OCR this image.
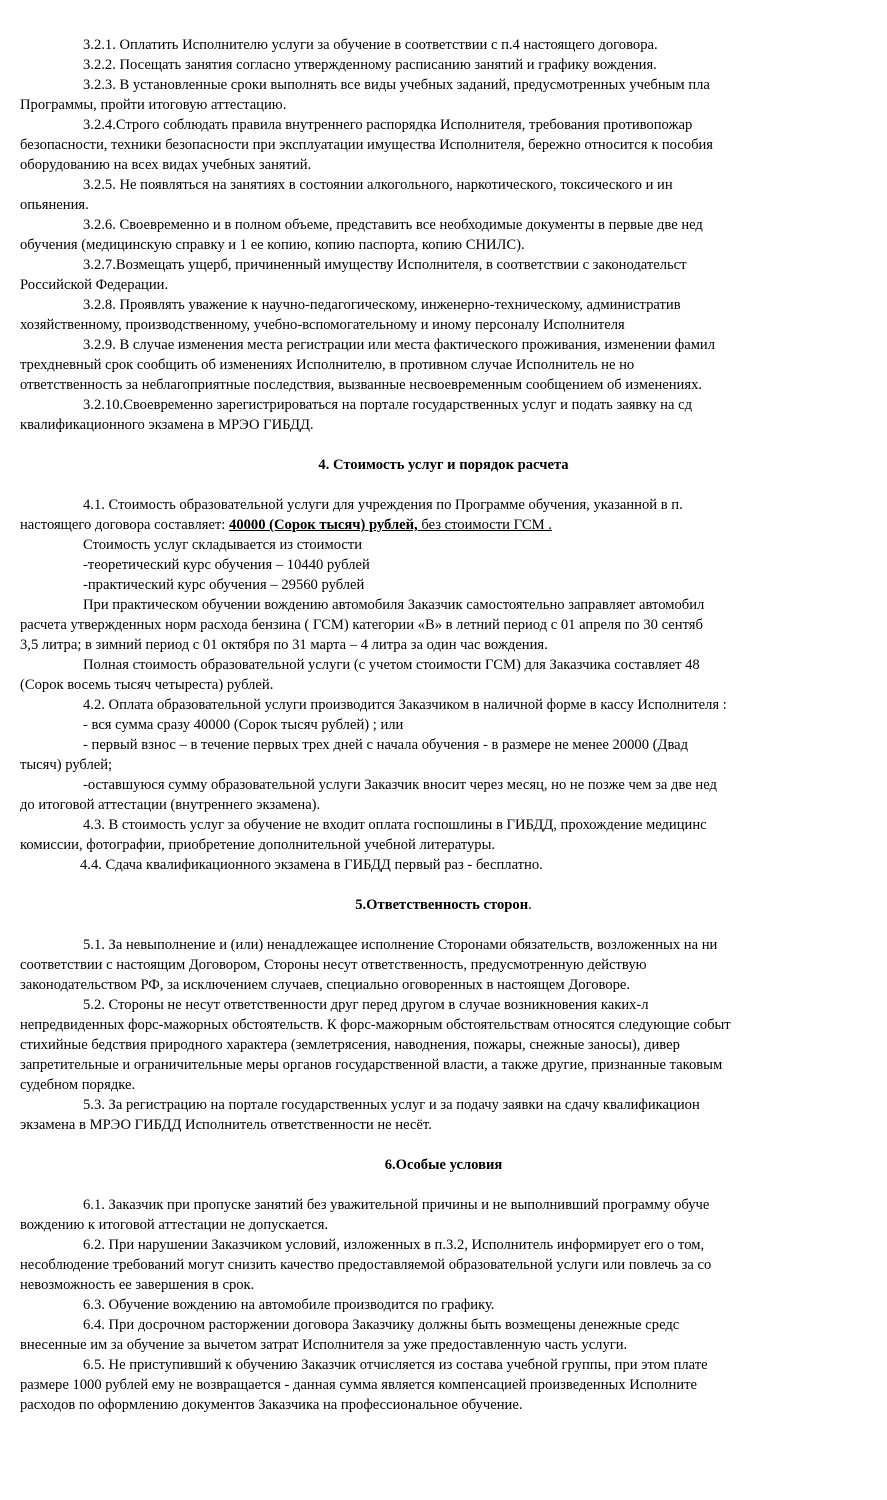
3.2.1. Оплатить Исполнителю услуги за обучение в соответствии с п.4 настоящего договора.

3.2.2. Посещать занятия согласно утвержденному расписанию занятий и графику вождения.

3.2.3. В установленные сроки выполнять все виды учебных заданий, предусмотренных учебным пла

Программы, пройти итоговую аттестацию.

3.2.4.Строго соблюдать правила внутреннего распорядка Исполнителя, требования противопожар

безопасности, техники безопасности при эксплуатации имущества Исполнителя, бережно относится к пособия

оборудованию на всех видах учебных занятий.

3.2.5. Не появляться на занятиях в состоянии алкогольного, наркотического, токсического и ин

опьянения.

3.2.6. Своевременно и в полном объеме, представить все необходимые документы в первые две нед

обучения (медицинскую справку и 1 ее копию, копию паспорта, копию СНИЛС).

3.2.7.Возмещать ущерб, причиненный имуществу Исполнителя, в соответствии с законодательст

Российской Федерации.

3.2.8. Проявлять уважение к научно-педагогическому, инженерно-техническому, административ

хозяйственному, производственному, учебно-вспомогательному и иному персоналу Исполнителя

3.2.9. В случае изменения места регистрации или места фактического проживания, изменении фамил

трехдневный срок сообщить об изменениях Исполнителю, в противном случае Исполнитель не но

ответственность за неблагоприятные последствия, вызванные несвоевременным сообщением об изменениях.

3.2.10.Своевременно зарегистрироваться на портале государственных услуг и подать заявку на сд

квалификационного экзамена в МРЭО ГИБДД.

4. Стоимость услуг и порядок расчета

4.1. Стоимость образовательной услуги для учреждения по Программе обучения, указанной в п.

настоящего договора составляет: 40000 (Сорок тысяч) рублей, без стоимости ГСМ .

Стоимость услуг складывается из стоимости

-теоретический курс обучения – 10440 рублей

-практический курс обучения – 29560 рублей

При практическом обучении вождению автомобиля Заказчик самостоятельно заправляет автомобил

расчета утвержденных норм расхода бензина ( ГСМ) категории «В» в летний период с 01 апреля по 30 сентяб

3,5 литра; в зимний период с 01 октября по 31 марта – 4 литра за один час вождения.

Полная стоимость образовательной услуги (с учетом стоимости ГСМ) для Заказчика составляет 48

(Сорок восемь тысяч четыреста) рублей.

4.2. Оплата образовательной услуги производится Заказчиком в наличной форме в кассу Исполнителя :

- вся сумма сразу 40000 (Сорок тысяч рублей) ; или

- первый взнос – в течение первых трех дней с начала обучения - в размере не менее 20000 (Двад

тысяч) рублей;

-оставшуюся сумму образовательной услуги Заказчик вносит через месяц, но не позже чем за две нед

до итоговой аттестации (внутреннего экзамена).

4.3. В стоимость услуг за обучение не входит оплата госпошлины в ГИБДД, прохождение медицинс

комиссии, фотографии, приобретение дополнительной учебной литературы.

4.4. Сдача квалификационного экзамена в ГИБДД первый раз - бесплатно.

5.Ответственность сторон.

5.1. За невыполнение и (или) ненадлежащее исполнение Сторонами обязательств, возложенных на ни

соответствии с настоящим Договором, Стороны несут ответственность, предусмотренную действую

законодательством РФ, за исключением случаев, специально оговоренных в настоящем Договоре.

5.2. Стороны не несут ответственности друг перед другом в случае возникновения каких-л

непредвиденных форс-мажорных обстоятельств. К форс-мажорным обстоятельствам относятся следующие событ

стихийные бедствия природного характера (землетрясения, наводнения, пожары, снежные заносы), дивер

запретительные и ограничительные меры органов государственной власти, а также другие, признанные таковым

судебном порядке.

5.3. За регистрацию на портале государственных услуг и за подачу заявки на сдачу квалификацион

экзамена в МРЭО ГИБДД Исполнитель ответственности не несёт.

6.Особые условия

6.1. Заказчик при пропуске занятий без уважительной причины и не выполнивший программу обуче

вождению к итоговой аттестации не допускается.

6.2. При нарушении Заказчиком условий, изложенных в п.3.2, Исполнитель информирует его о том,

несоблюдение требований могут снизить качество предоставляемой образовательной услуги или повлечь за со

невозможность ее завершения в срок.

6.3. Обучение вождению на автомобиле производится по графику.

6.4. При досрочном расторжении договора Заказчику должны быть возмещены денежные средс

внесенные им за обучение за вычетом затрат Исполнителя за уже предоставленную часть услуги.

6.5. Не приступивший к обучению Заказчик отчисляется из состава учебной группы, при этом плате

размере 1000 рублей ему не возвращается - данная сумма является компенсацией произведенных Исполните

расходов по оформлению документов Заказчика на профессиональное обучение.
